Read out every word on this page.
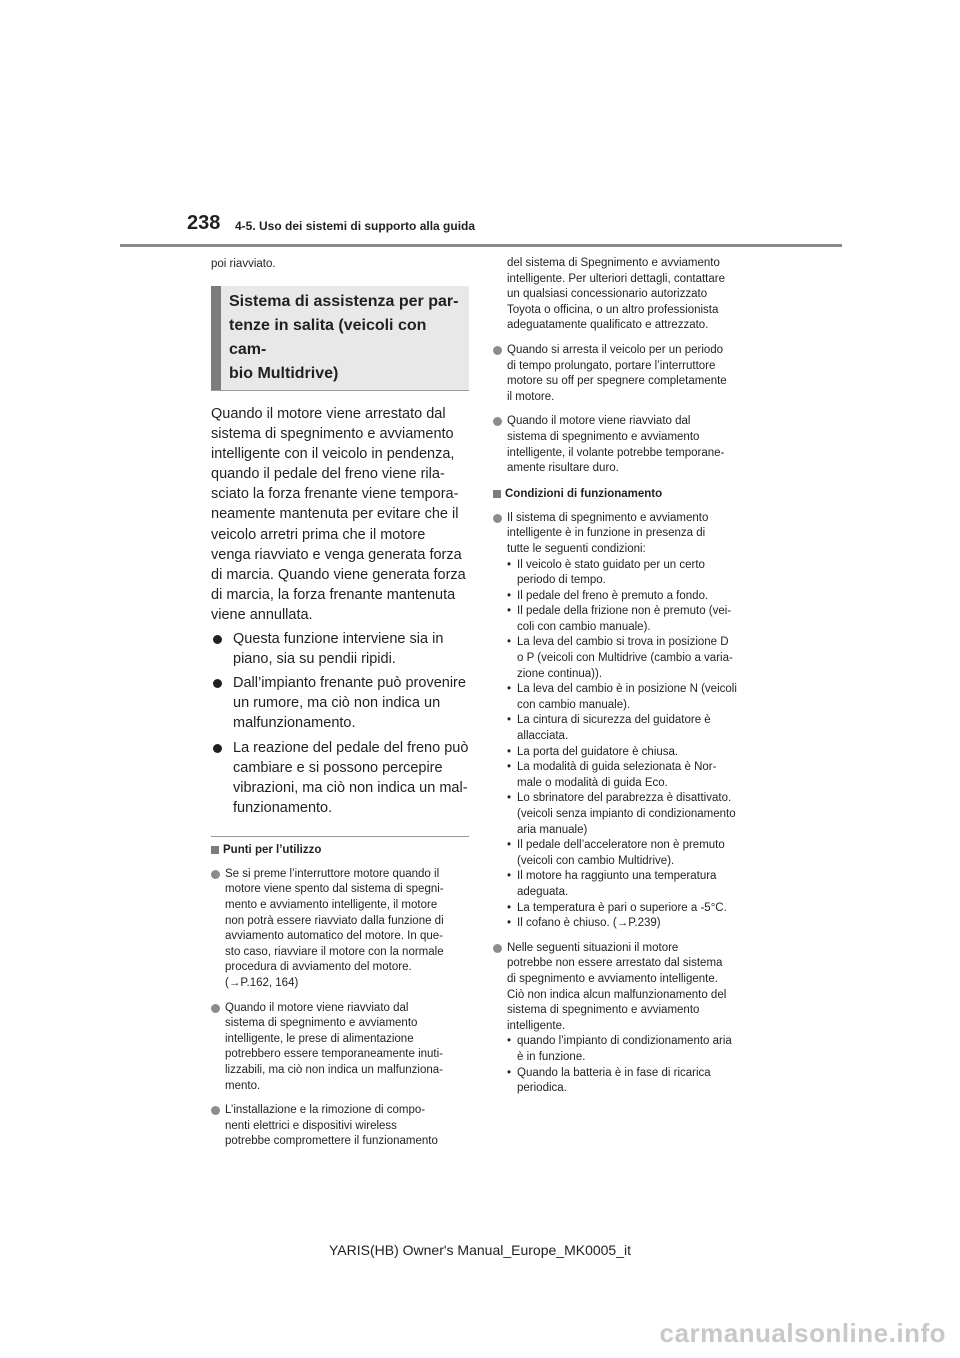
238 4-5. Uso dei sistemi di supporto alla guida

poi riavviato.

Sistema di assistenza per par-
tenze in salita (veicoli con cam-
bio Multidrive)
Quando il motore viene arrestato dal
sistema di spegnimento e avviamento
intelligente con il veicolo in pendenza,
quando il pedale del freno viene rila-
sciato la forza frenante viene tempora-
neamente mantenuta per evitare che il
veicolo arretri prima che il motore
venga riavviato e venga generata forza
di marcia. Quando viene generata forza
di marcia, la forza frenante mantenuta
viene annullata.
Questa funzione interviene sia in
piano, sia su pendii ripidi.
Dall’impianto frenante può provenire
un rumore, ma ciò non indica un
malfunzionamento.
La reazione del pedale del freno può
cambiare e si possono percepire
vibrazioni, ma ciò non indica un mal-
funzionamento.
Punti per l’utilizzo
Se si preme l’interruttore motore quando il
motore viene spento dal sistema di spegni-
mento e avviamento intelligente, il motore
non potrà essere riavviato dalla funzione di
avviamento automatico del motore. In que-
sto caso, riavviare il motore con la normale
procedura di avviamento del motore.
(→P.162, 164)
Quando il motore viene riavviato dal
sistema di spegnimento e avviamento
intelligente, le prese di alimentazione
potrebbero essere temporaneamente inuti-
lizzabili, ma ciò non indica un malfunziona-
mento.
L’installazione e la rimozione di compo-
nenti elettrici e dispositivi wireless
potrebbe compromettere il funzionamento
del sistema di Spegnimento e avviamento
intelligente. Per ulteriori dettagli, contattare
un qualsiasi concessionario autorizzato
Toyota o officina, o un altro professionista
adeguatamente qualificato e attrezzato.
Quando si arresta il veicolo per un periodo
di tempo prolungato, portare l’interruttore
motore su off per spegnere completamente
il motore.
Quando il motore viene riavviato dal
sistema di spegnimento e avviamento
intelligente, il volante potrebbe temporane-
amente risultare duro.
Condizioni di funzionamento
Il sistema di spegnimento e avviamento
intelligente è in funzione in presenza di
tutte le seguenti condizioni:
• Il veicolo è stato guidato per un certo
periodo di tempo.
• Il pedale del freno è premuto a fondo.
• Il pedale della frizione non è premuto (vei-
coli con cambio manuale).
• La leva del cambio si trova in posizione D
o P (veicoli con Multidrive (cambio a varia-
zione continua)).
• La leva del cambio è in posizione N (veicoli
con cambio manuale).
• La cintura di sicurezza del guidatore è
allacciata.
• La porta del guidatore è chiusa.
• La modalità di guida selezionata è Nor-
male o modalità di guida Eco.
• Lo sbrinatore del parabrezza è disattivato.
(veicoli senza impianto di condizionamento
aria manuale)
• Il pedale dell’acceleratore non è premuto
(veicoli con cambio Multidrive).
• Il motore ha raggiunto una temperatura
adeguata.
• La temperatura è pari o superiore a -5°C.
• Il cofano è chiuso. (→P.239)
Nelle seguenti situazioni il motore
potrebbe non essere arrestato dal sistema
di spegnimento e avviamento intelligente.
Ciò non indica alcun malfunzionamento del
sistema di spegnimento e avviamento
intelligente.
• quando l’impianto di condizionamento aria
è in funzione.
• Quando la batteria è in fase di ricarica
periodica.
YARIS(HB) Owner's Manual_Europe_MK0005_it
carmanualsonline.info
